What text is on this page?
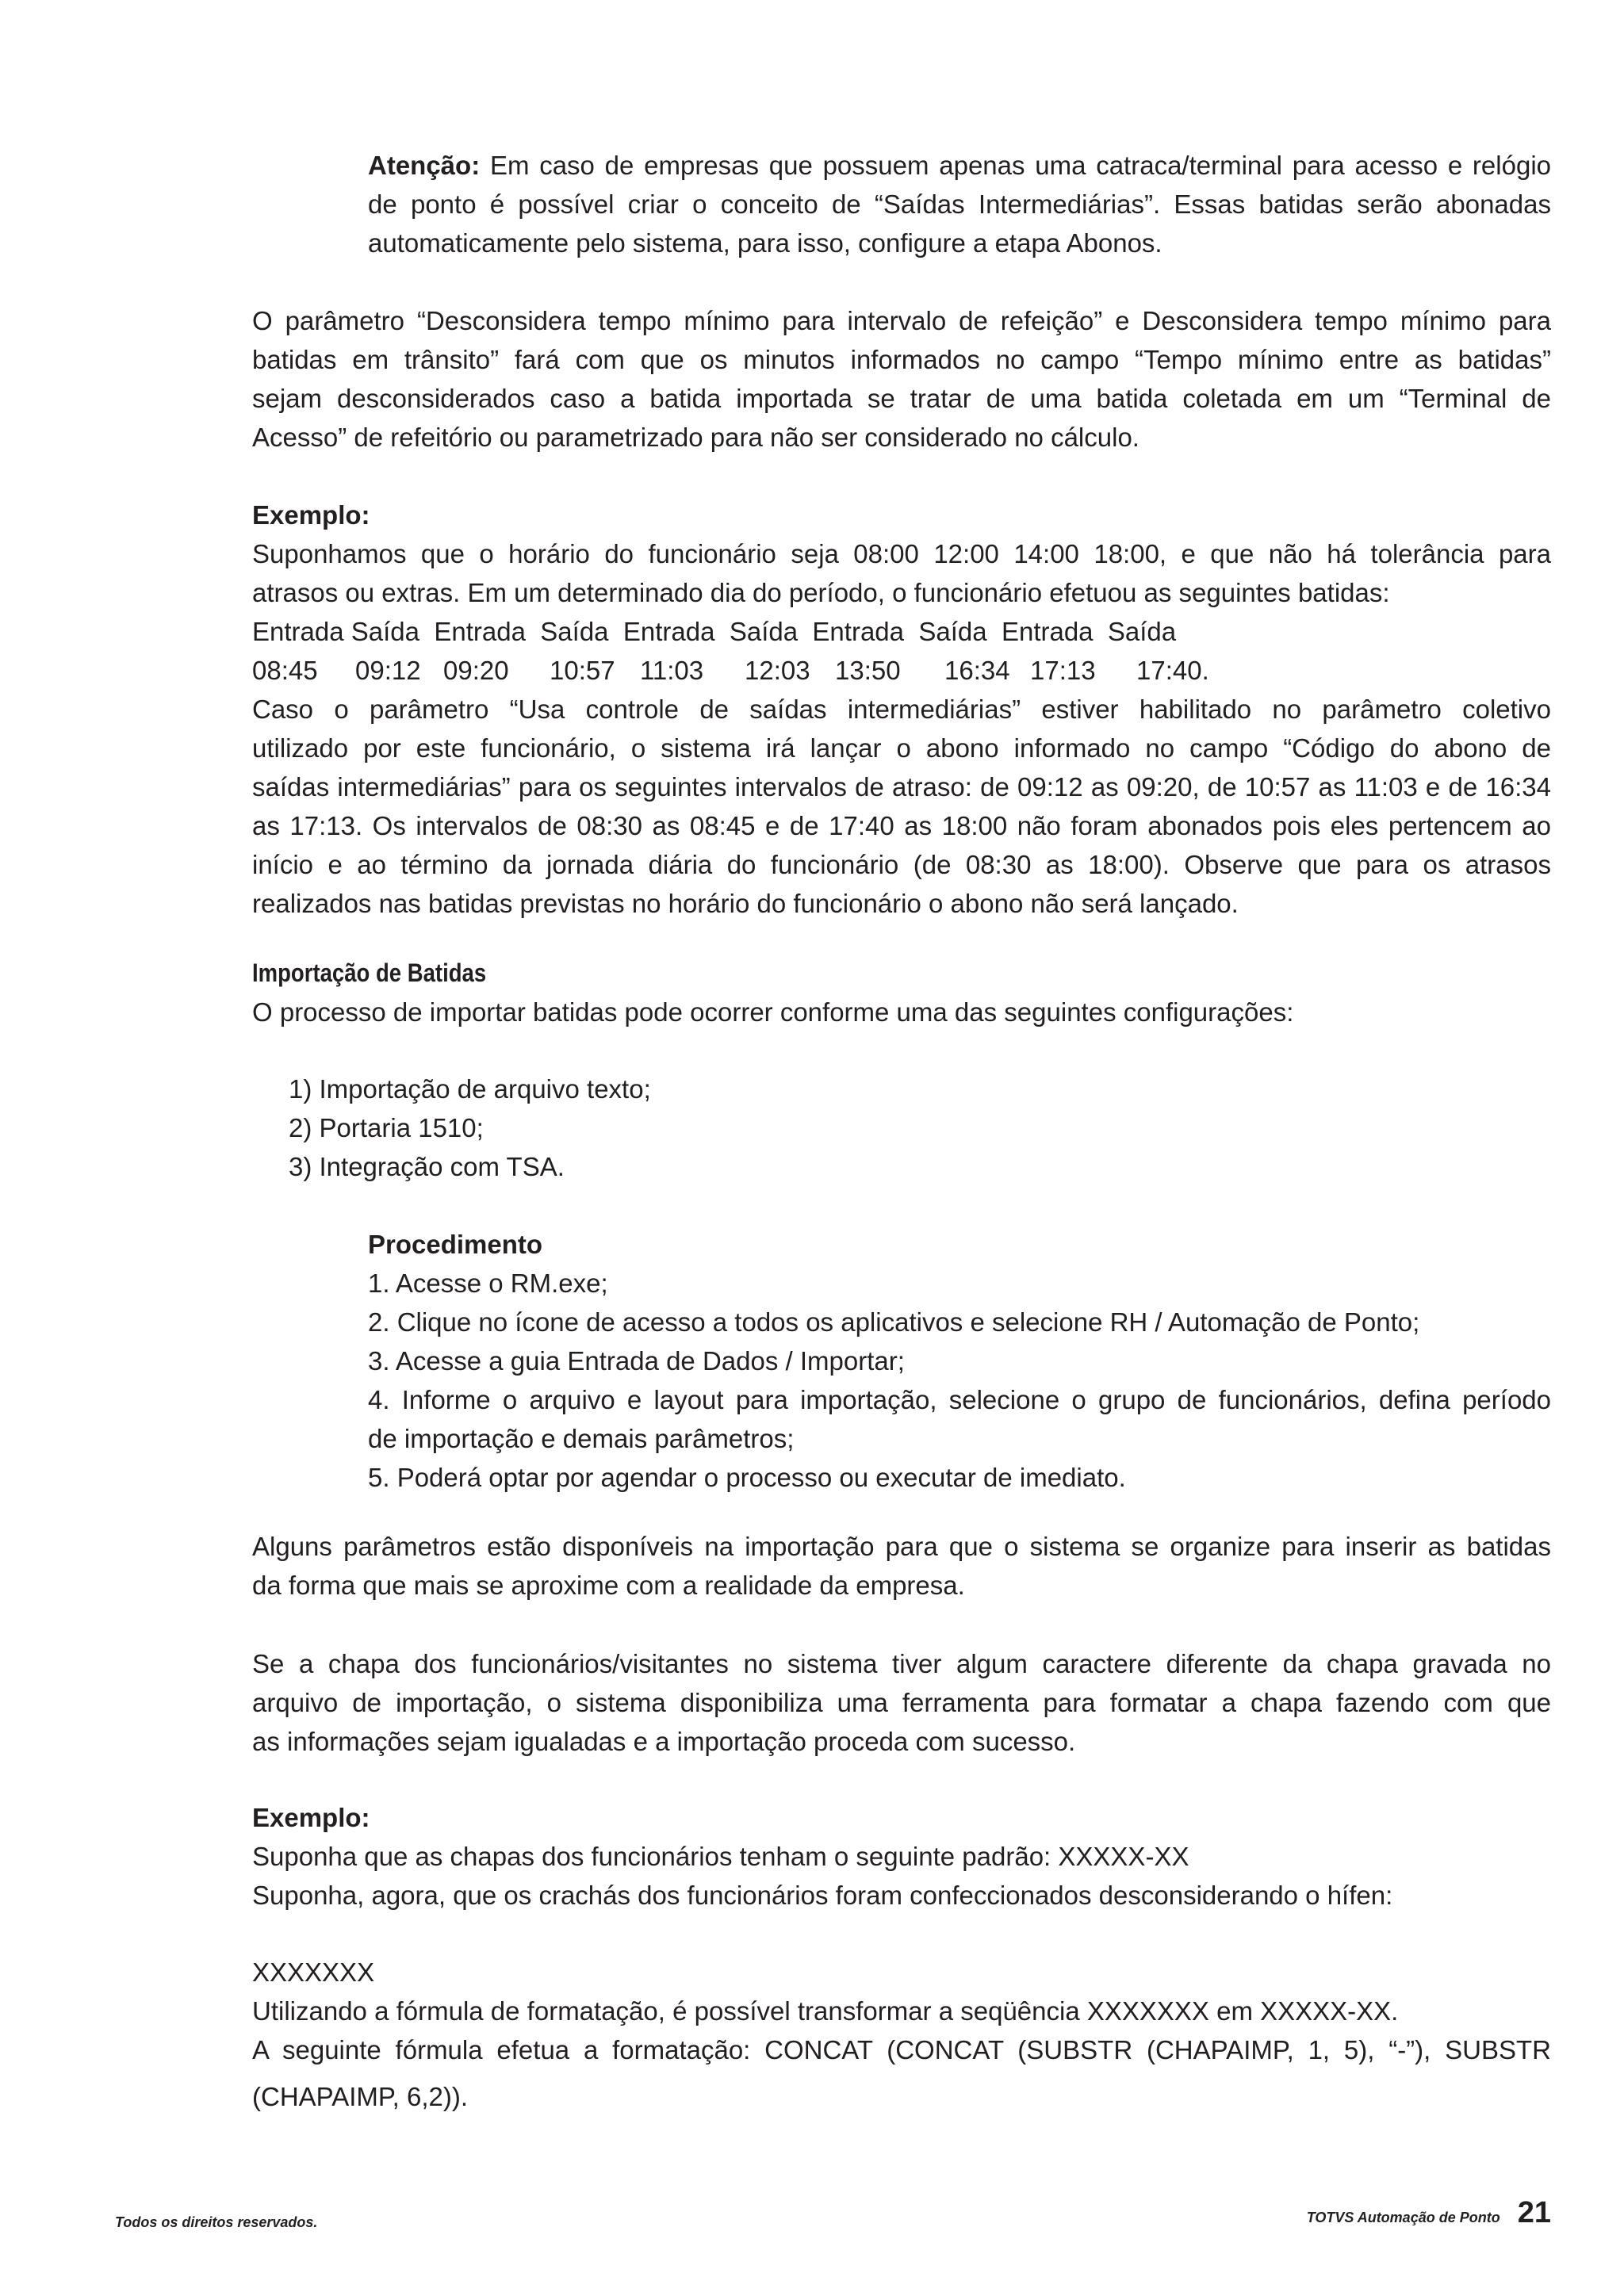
Atenção: Em caso de empresas que possuem apenas uma catraca/terminal para acesso e relógio
de ponto é possível criar o conceito de “Saídas Intermediárias”. Essas batidas serão abonadas
automaticamente pelo sistema, para isso, configure a etapa Abonos.
O parâmetro “Desconsidera tempo mínimo para intervalo de refeição” e Desconsidera tempo mínimo para
batidas em trânsito” fará com que os minutos informados no campo “Tempo mínimo entre as batidas”
sejam desconsiderados caso a batida importada se tratar de uma batida coletada em um “Terminal de
Acesso” de refeitório ou parametrizado para não ser considerado no cálculo.
Exemplo:
Suponhamos que o horário do funcionário seja 08:00 12:00 14:00 18:00, e que não há tolerância para
atrasos ou extras. Em um determinado dia do período, o funcionário efetuou as seguintes batidas:
Entrada Saída Entrada Saída Entrada Saída Entrada Saída Entrada Saída
08:45 09:12 09:20 10:57 11:03 12:03 13:50 16:34 17:13 17:40.
Caso o parâmetro “Usa controle de saídas intermediárias” estiver habilitado no parâmetro coletivo
utilizado por este funcionário, o sistema irá lançar o abono informado no campo “Código do abono de
saídas intermediárias” para os seguintes intervalos de atraso: de 09:12 as 09:20, de 10:57 as 11:03 e de 16:34
as 17:13. Os intervalos de 08:30 as 08:45 e de 17:40 as 18:00 não foram abonados pois eles pertencem ao
início e ao término da jornada diária do funcionário (de 08:30 as 18:00). Observe que para os atrasos
realizados nas batidas previstas no horário do funcionário o abono não será lançado.
Importação de Batidas
O processo de importar batidas pode ocorrer conforme uma das seguintes configurações:
1) Importação de arquivo texto;
2) Portaria 1510;
3) Integração com TSA.
Procedimento
1. Acesse o RM.exe;
2. Clique no ícone de acesso a todos os aplicativos e selecione RH / Automação de Ponto;
3. Acesse a guia Entrada de Dados / Importar;
4. Informe o arquivo e layout para importação, selecione o grupo de funcionários, defina período
de importação e demais parâmetros;
5. Poderá optar por agendar o processo ou executar de imediato.
Alguns parâmetros estão disponíveis na importação para que o sistema se organize para inserir as batidas
da forma que mais se aproxime com a realidade da empresa.
Se a chapa dos funcionários/visitantes no sistema tiver algum caractere diferente da chapa gravada no
arquivo de importação, o sistema disponibiliza uma ferramenta para formatar a chapa fazendo com que
as informações sejam igualadas e a importação proceda com sucesso.
Exemplo:
Suponha que as chapas dos funcionários tenham o seguinte padrão: XXXXX-XX
Suponha, agora, que os crachás dos funcionários foram confeccionados desconsiderando o hífen:
XXXXXXX
Utilizando a fórmula de formatação, é possível transformar a seqüência XXXXXXX em XXXXX-XX.
A seguinte fórmula efetua a formatação: CONCAT (CONCAT (SUBSTR (CHAPAIMP, 1, 5), “-”), SUBSTR
(CHAPAIMP, 6,2)).
Todos os direitos reservados.	TOTVS Automação de Ponto 21
